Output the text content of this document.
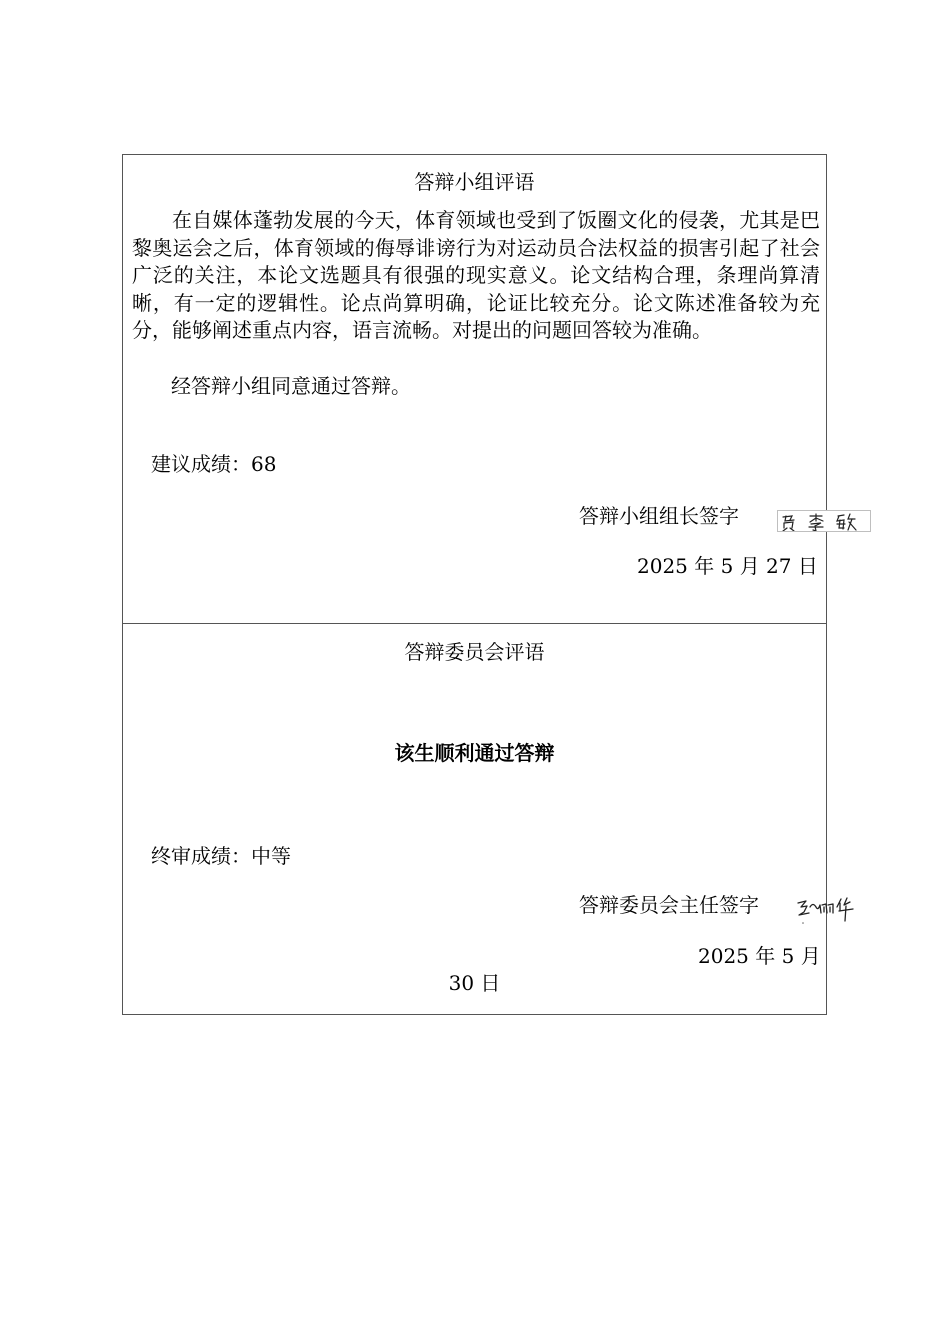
答辩小组评语
在自媒体蓬勃发展的今天，体育领域也受到了饭圈文化的侵袭，尤其是巴黎奥运会之后，体育领域的侮辱诽谤行为对运动员合法权益的损害引起了社会广泛的关注，本论文选题具有很强的现实意义。论文结构合理，条理尚算清晰，有一定的逻辑性。论点尚算明确，论证比较充分。论文陈述准备较为充分，能够阐述重点内容，语言流畅。对提出的问题回答较为准确。
经答辩小组同意通过答辩。
建议成绩：68
答辩小组组长签字
2025 年 5 月 27 日
答辩委员会评语
该生顺利通过答辩
终审成绩：中等
答辩委员会主任签字
2025 年 5 月
30 日
